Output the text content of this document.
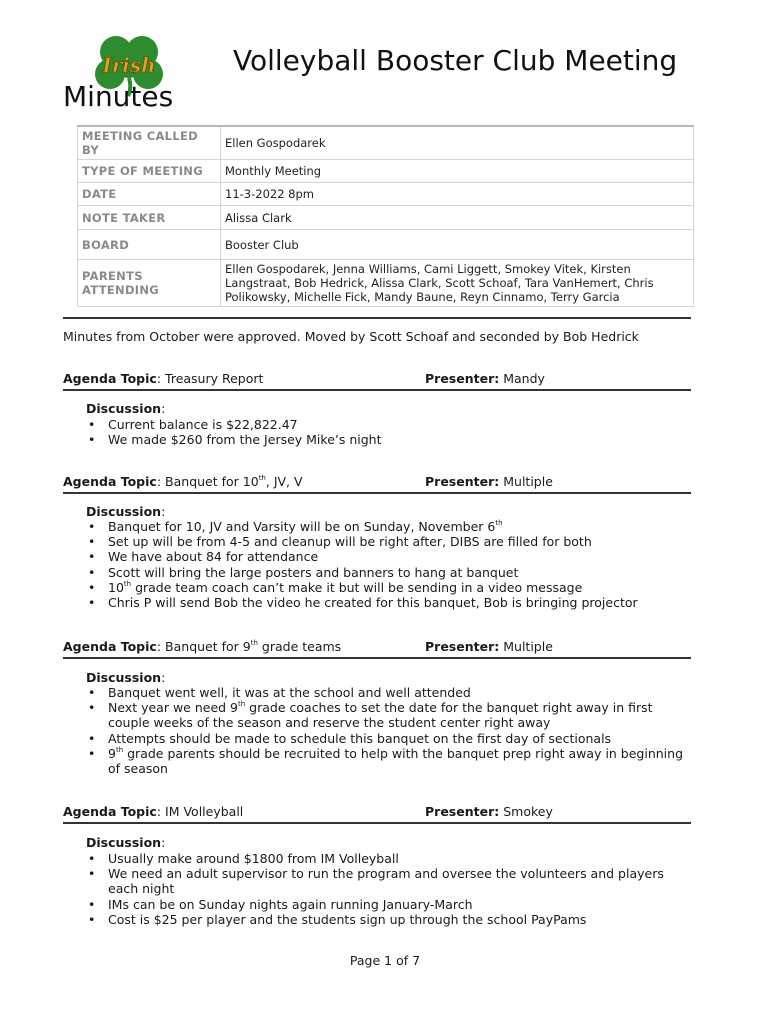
Irish	Volleyball Booster Club Meeting
Minutes
MEETING CALLED BY	Ellen Gospodarek
TYPE OF MEETING	Monthly Meeting
DATE	11-3-2022 8pm
NOTE TAKER	Alissa Clark
BOARD	Booster Club
PARENTS ATTENDING	Ellen Gospodarek, Jenna Williams, Cami Liggett, Smokey Vitek, Kirsten Langstraat, Bob Hedrick, Alissa Clark, Scott Schoaf, Tara VanHemert, Chris Polikowsky, Michelle Fick, Mandy Baune, Reyn Cinnamo, Terry Garcia
Minutes from October were approved. Moved by Scott Schoaf and seconded by Bob Hedrick
Agenda Topic: Treasury Report	Presenter: Mandy
Discussion:
• Current balance is $22,822.47
• We made $260 from the Jersey Mike’s night
Agenda Topic: Banquet for 10th, JV, V	Presenter: Multiple
Discussion:
• Banquet for 10, JV and Varsity will be on Sunday, November 6th
• Set up will be from 4-5 and cleanup will be right after, DIBS are filled for both
• We have about 84 for attendance
• Scott will bring the large posters and banners to hang at banquet
• 10th grade team coach can’t make it but will be sending in a video message
• Chris P will send Bob the video he created for this banquet, Bob is bringing projector
Agenda Topic: Banquet for 9th grade teams	Presenter: Multiple
Discussion:
• Banquet went well, it was at the school and well attended
• Next year we need 9th grade coaches to set the date for the banquet right away in first couple weeks of the season and reserve the student center right away
• Attempts should be made to schedule this banquet on the first day of sectionals
• 9th grade parents should be recruited to help with the banquet prep right away in beginning of season
Agenda Topic: IM Volleyball	Presenter: Smokey
Discussion:
• Usually make around $1800 from IM Volleyball
• We need an adult supervisor to run the program and oversee the volunteers and players each night
• IMs can be on Sunday nights again running January-March
• Cost is $25 per player and the students sign up through the school PayPams
Page 1 of 7
